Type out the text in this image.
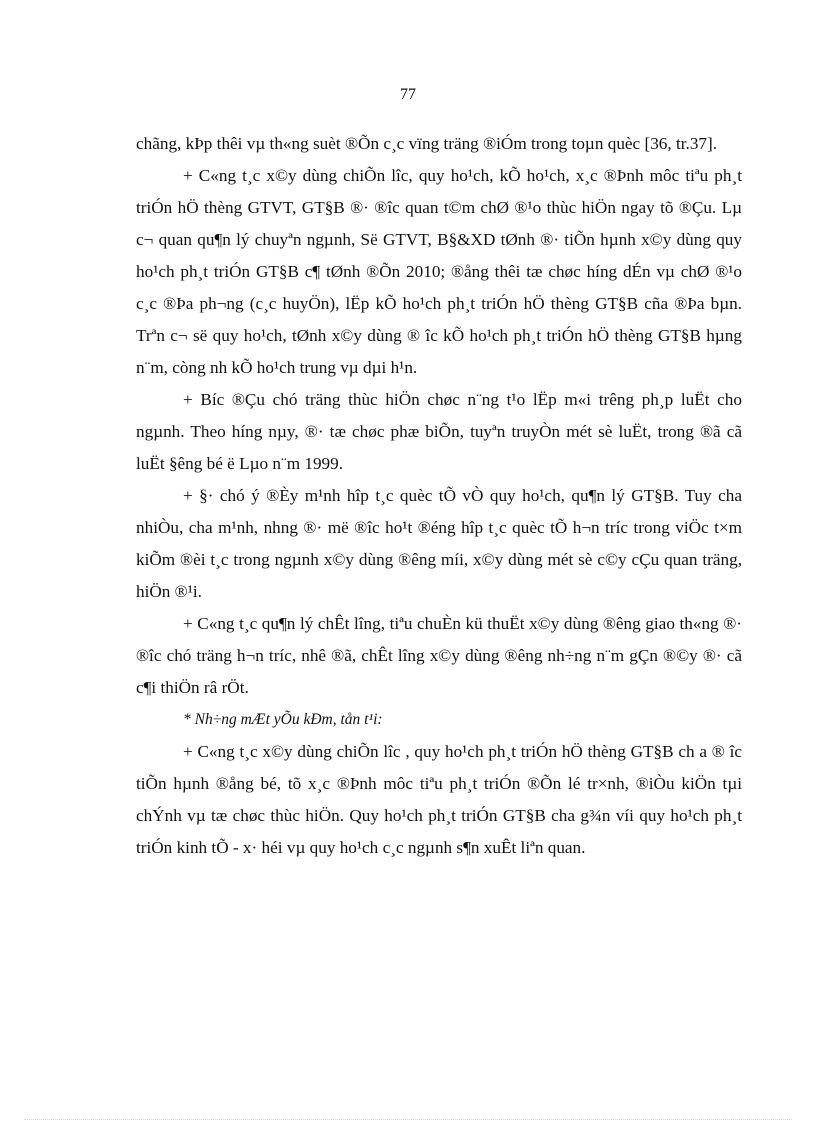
77

chãng, kÞp thêi vµ th«ng suèt ®Õn c¸c vïng träng ®iÓm trong toµn quèc [36, tr.37].

+ C«ng t¸c x©y dùng chiÕn lîc, quy ho¹ch, kÕ ho¹ch, x¸c ®Þnh môc tiªu ph¸t triÓn hÖ thèng GTVT, GT§B ®· ®îc quan t©m chØ ®¹o thùc hiÖn ngay tõ ®Çu. Lµ c¬ quan qu¶n lý chuyªn ngµnh, Së GTVT, B§&XD tØnh ®· tiÕn hµnh x©y dùng quy ho¹ch ph¸t triÓn GT§B c¶ tØnh ®Õn 2010; ®ång thêi tæ chøc híng dÉn vµ chØ ®¹o c¸c ®Þa ph¬ng (c¸c huyÖn), lËp kÕ ho¹ch ph¸t triÓn hÖ thèng GT§B cña ®Þa bµn. Trªn c¬ së quy ho¹ch, tØnh x©y dùng ® îc kÕ ho¹ch ph¸t triÓn hÖ thèng GT§B hµng n¨m, còng nh kÕ ho¹ch trung vµ dµi h¹n.

+ Bíc ®Çu chó träng thùc hiÖn chøc n¨ng t¹o lËp m«i trêng ph¸p luËt cho ngµnh. Theo híng nµy, ®· tæ chøc phæ biÕn, tuyªn truyÒn mét sè luËt, trong ®ã cã luËt §êng bé ë Lµo n¨m 1999.

+ §· chó ý ®Èy m¹nh hîp t¸c quèc tÕ vÒ quy ho¹ch, qu¶n lý GT§B. Tuy cha nhiÒu, cha m¹nh, nhng ®· më ®îc ho¹t ®éng hîp t¸c quèc tÕ h¬n tríc trong viÖc t×m kiÕm ®èi t¸c trong ngµnh x©y dùng ®êng míi, x©y dùng mét sè c©y cÇu quan träng, hiÖn ®¹i.

+ C«ng t¸c qu¶n lý chÊt lîng, tiªu chuÈn kü thuËt x©y dùng ®êng giao th«ng ®· ®îc chó träng h¬n tríc, nhê ®ã, chÊt lîng x©y dùng ®êng nh÷ng n¨m gÇn ®©y ®· cã c¶i thiÖn râ rÖt.

* Nh÷ng mÆt yÕu kÐm, tån t¹i:

+ C«ng t¸c x©y dùng chiÕn lîc , quy ho¹ch ph¸t triÓn hÖ thèng GT§B ch a ® îc tiÕn hµnh ®ång bé, tõ x¸c ®Þnh môc tiªu ph¸t triÓn ®Õn lé tr×nh, ®iÒu kiÖn tµi chÝnh vµ tæ chøc thùc hiÖn. Quy ho¹ch ph¸t triÓn GT§B cha g¾n víi quy ho¹ch ph¸t triÓn kinh tÕ - x· héi vµ quy ho¹ch c¸c ngµnh s¶n xuÊt liªn quan.
